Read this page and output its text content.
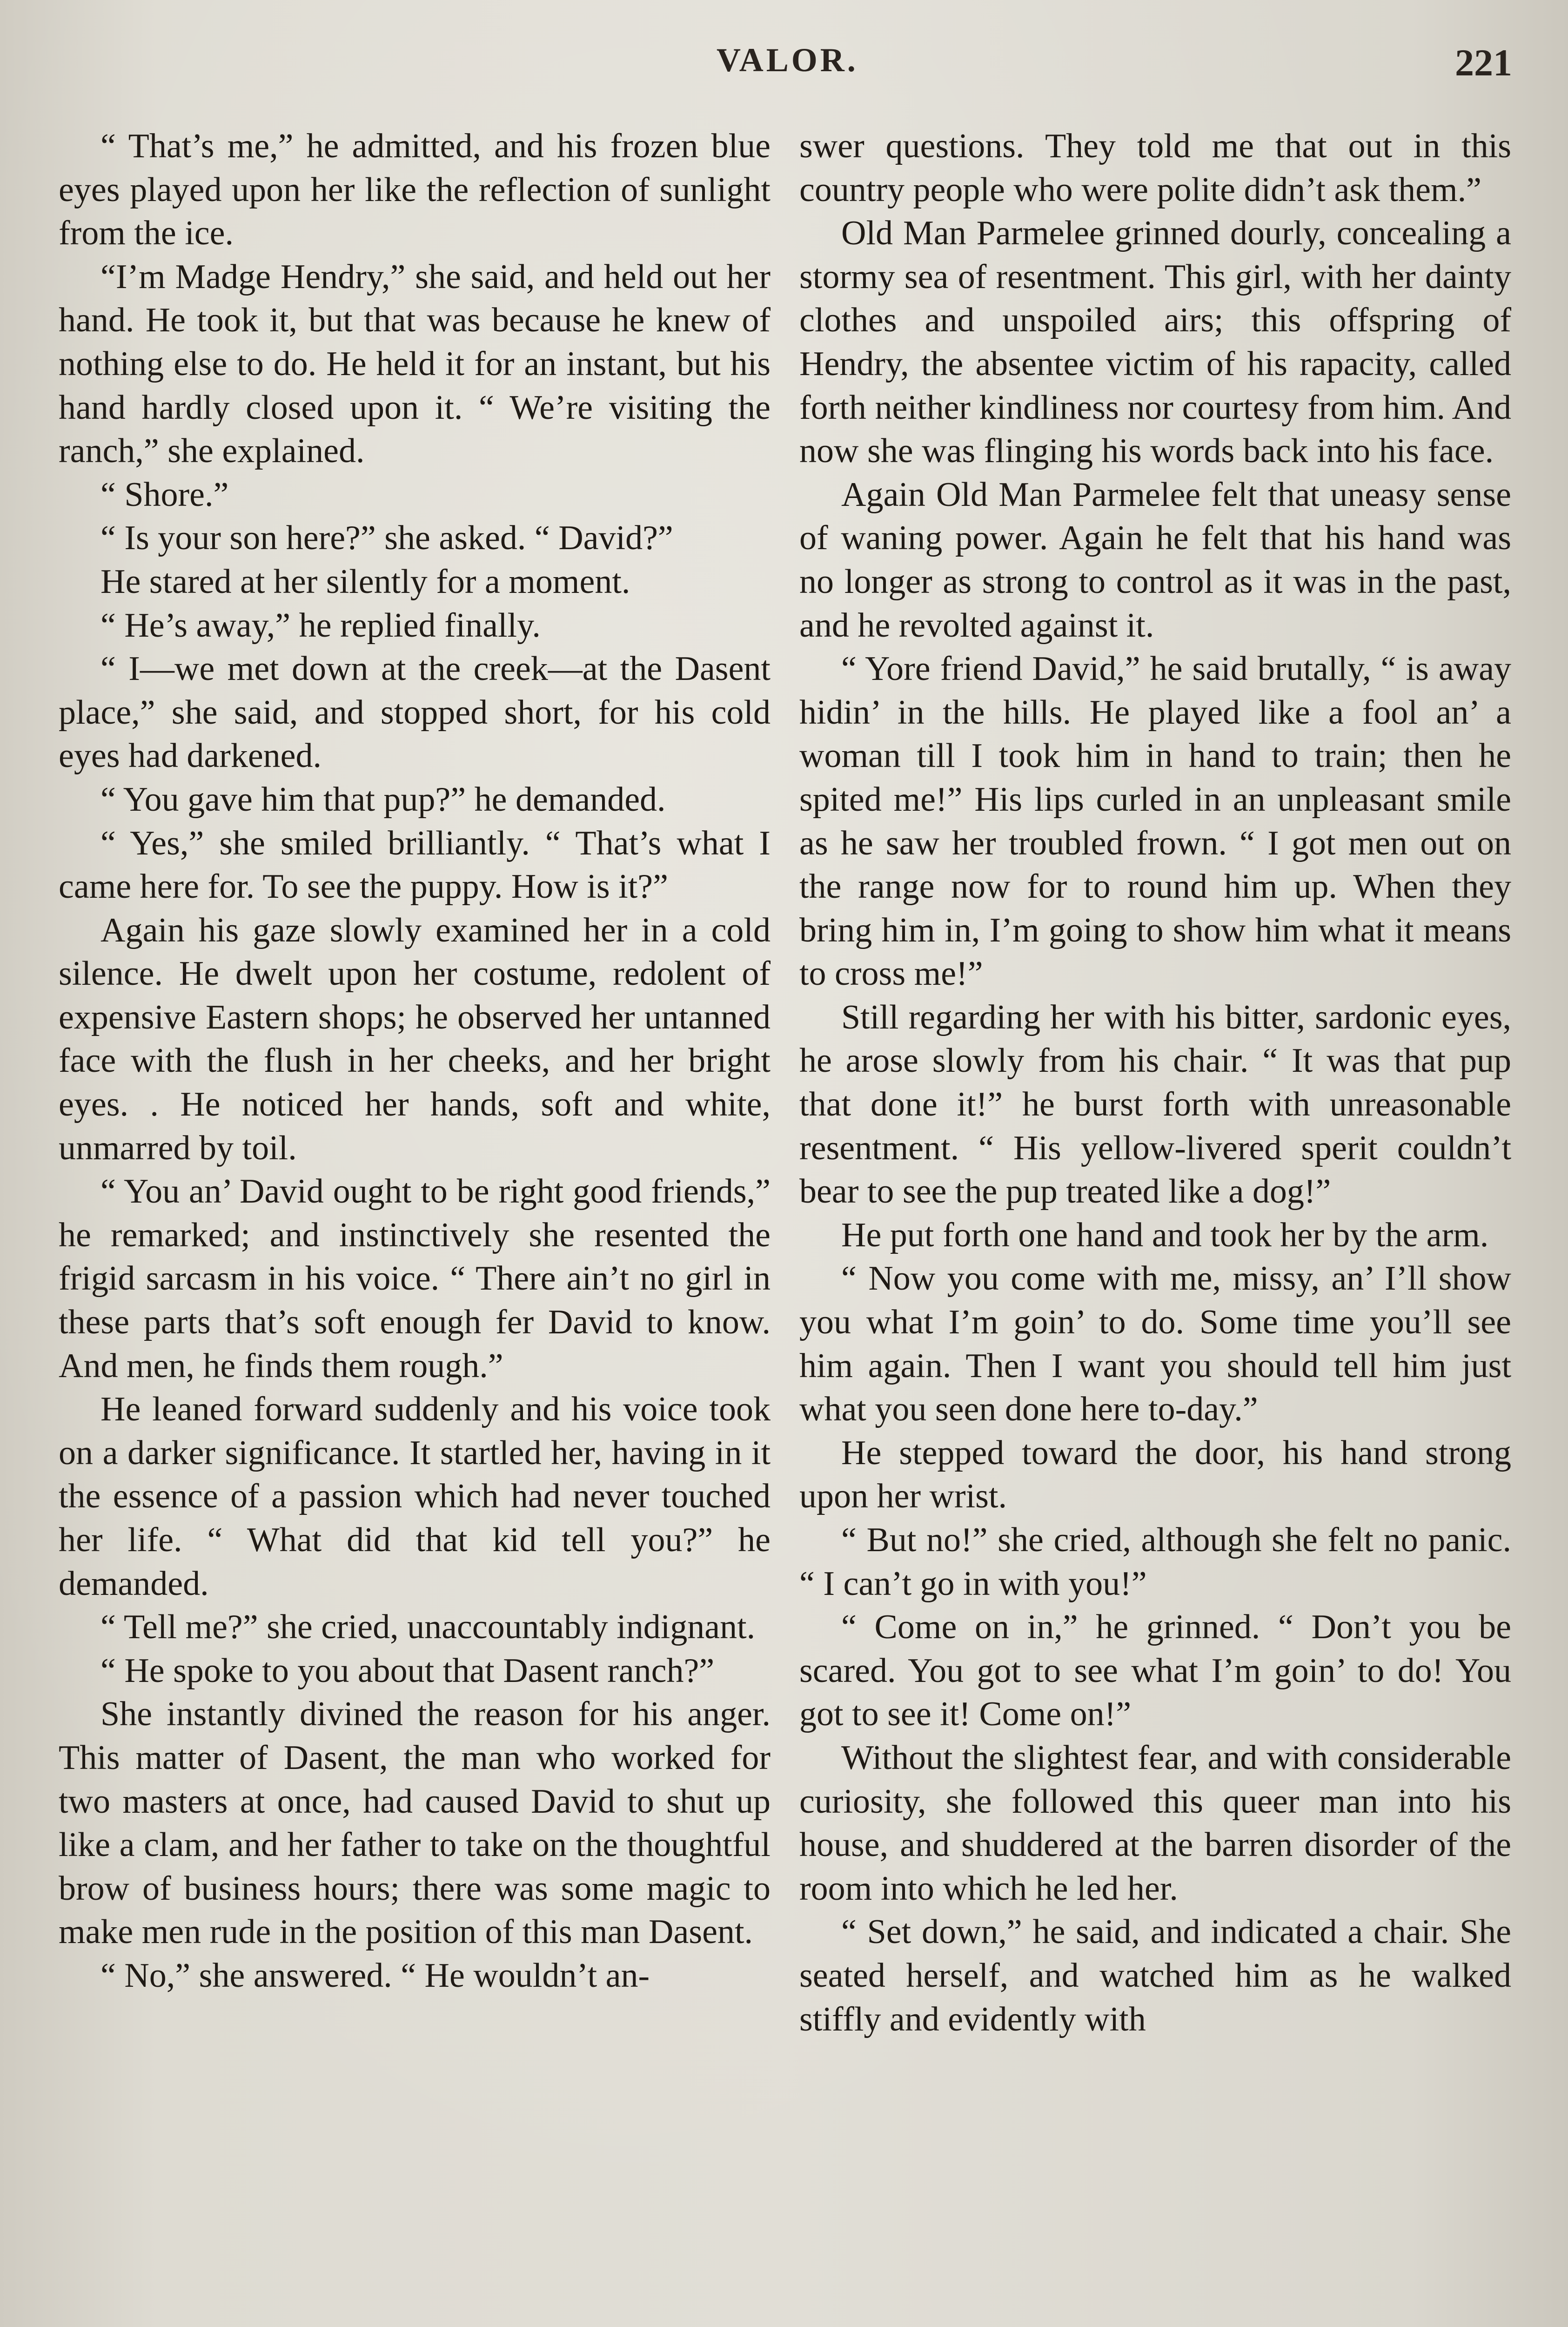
VALOR.	221

“ That’s me,” he admitted, and his frozen blue eyes played upon her like the reflection of sunlight from the ice.

“I’m Madge Hendry,” she said, and held out her hand. He took it, but that was because he knew of nothing else to do. He held it for an instant, but his hand hardly closed upon it. “ We’re visiting the ranch,” she explained.

“ Shore.”

“ Is your son here?” she asked. “ David?”

He stared at her silently for a moment.

“ He’s away,” he replied finally.

“ I—we met down at the creek—at the Dasent place,” she said, and stopped short, for his cold eyes had darkened.

“ You gave him that pup?” he demanded.

“ Yes,” she smiled brilliantly. “ That’s what I came here for. To see the puppy. How is it?”

Again his gaze slowly examined her in a cold silence. He dwelt upon her costume, redolent of expensive Eastern shops; he observed her untanned face with the flush in her cheeks, and her bright eyes. . He noticed her hands, soft and white, unmarred by toil.

“ You an’ David ought to be right good friends,” he remarked; and instinctively she resented the frigid sarcasm in his voice. “ There ain’t no girl in these parts that’s soft enough fer David to know. And men, he finds them rough.”

He leaned forward suddenly and his voice took on a darker significance. It startled her, having in it the essence of a passion which had never touched her life. “ What did that kid tell you?” he demanded.

“ Tell me?” she cried, unaccountably indignant.

“ He spoke to you about that Dasent ranch?”

She instantly divined the reason for his anger. This matter of Dasent, the man who worked for two masters at once, had caused David to shut up like a clam, and her father to take on the thoughtful brow of business hours; there was some magic to make men rude in the position of this man Dasent.

“ No,” she answered. “ He wouldn’t an-

swer questions. They told me that out in this country people who were polite didn’t ask them.”

Old Man Parmelee grinned dourly, concealing a stormy sea of resentment. This girl, with her dainty clothes and unspoiled airs; this offspring of Hendry, the absentee victim of his rapacity, called forth neither kindliness nor courtesy from him. And now she was flinging his words back into his face.

Again Old Man Parmelee felt that uneasy sense of waning power. Again he felt that his hand was no longer as strong to control as it was in the past, and he revolted against it.

“ Yore friend David,” he said brutally, “ is away hidin’ in the hills. He played like a fool an’ a woman till I took him in hand to train; then he spited me!” His lips curled in an unpleasant smile as he saw her troubled frown. “ I got men out on the range now for to round him up. When they bring him in, I’m going to show him what it means to cross me!”

Still regarding her with his bitter, sardonic eyes, he arose slowly from his chair. “ It was that pup that done it!” he burst forth with unreasonable resentment. “ His yellow-livered sperit couldn’t bear to see the pup treated like a dog!”

He put forth one hand and took her by the arm.

“ Now you come with me, missy, an’ I’ll show you what I’m goin’ to do. Some time you’ll see him again. Then I want you should tell him just what you seen done here to-day.”

He stepped toward the door, his hand strong upon her wrist.

“ But no!” she cried, although she felt no panic. “ I can’t go in with you!”

“ Come on in,” he grinned. “ Don’t you be scared. You got to see what I’m goin’ to do! You got to see it! Come on!”

Without the slightest fear, and with considerable curiosity, she followed this queer man into his house, and shuddered at the barren disorder of the room into which he led her.

“ Set down,” he said, and indicated a chair. She seated herself, and watched him as he walked stiffly and evidently with
